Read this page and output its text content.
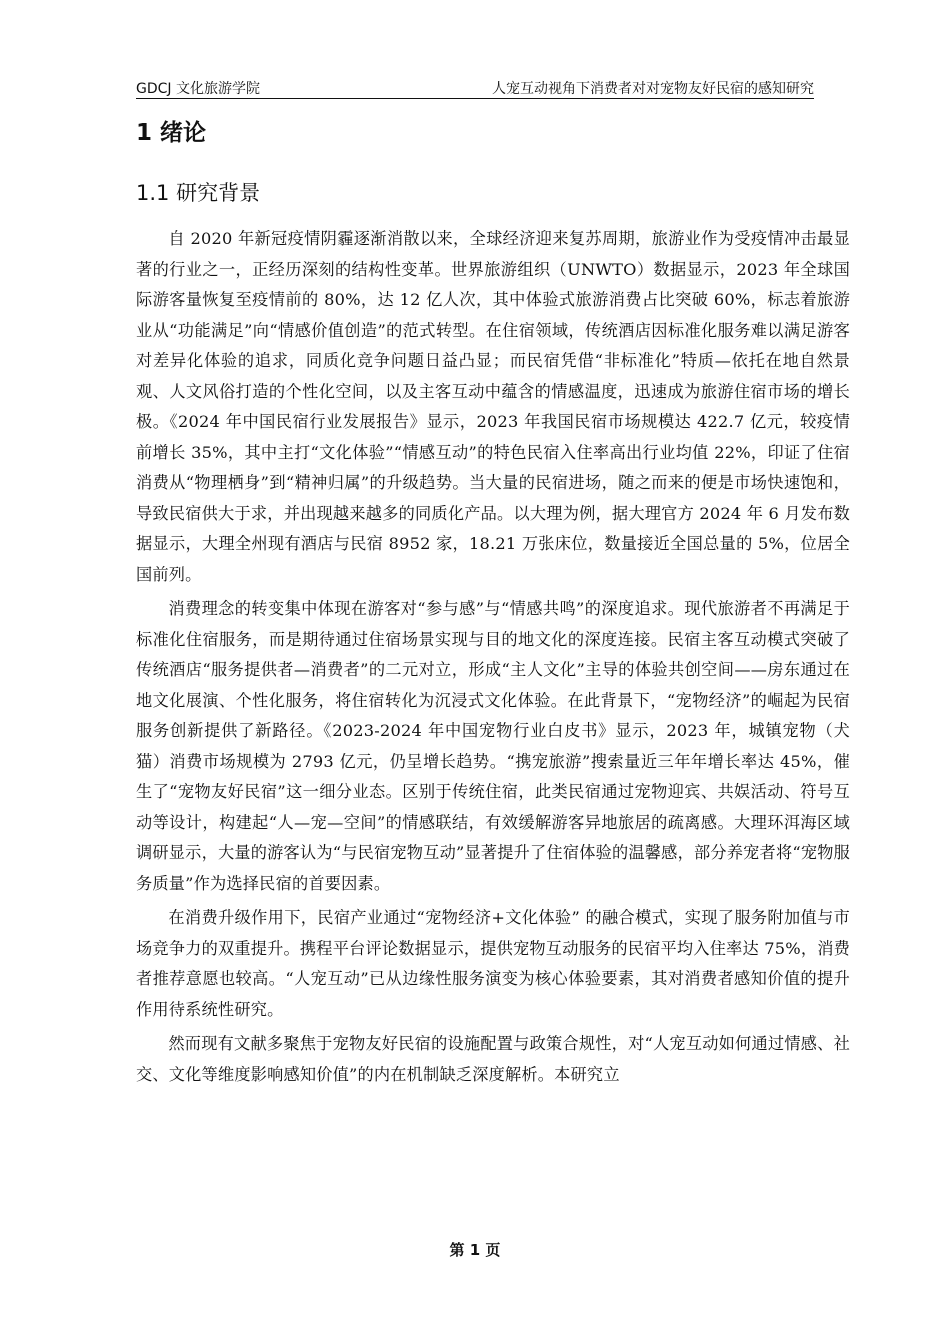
GDCJ 文化旅游学院	人宠互动视角下消费者对对宠物友好民宿的感知研究
1 绪论
1.1 研究背景

自 2020 年新冠疫情阴霾逐渐消散以来，全球经济迎来复苏周期，旅游业作为受疫情冲击最显著的行业之一，正经历深刻的结构性变革。世界旅游组织（UNWTO）数据显示，2023 年全球国际游客量恢复至疫情前的 80%，达 12 亿人次，其中体验式旅游消费占比突破 60%，标志着旅游业从“功能满足”向“情感价值创造”的范式转型。在住宿领域，传统酒店因标准化服务难以满足游客对差异化体验的追求，同质化竞争问题日益凸显；而民宿凭借“非标准化”特质—依托在地自然景观、人文风俗打造的个性化空间，以及主客互动中蕴含的情感温度，迅速成为旅游住宿市场的增长极。《2024 年中国民宿行业发展报告》显示，2023 年我国民宿市场规模达 422.7 亿元，较疫情前增长 35%，其中主打“文化体验”“情感互动”的特色民宿入住率高出行业均值 22%，印证了住宿消费从“物理栖身”到“精神归属”的升级趋势。当大量的民宿进场，随之而来的便是市场快速饱和，导致民宿供大于求，并出现越来越多的同质化产品。以大理为例，据大理官方 2024 年 6 月发布数据显示，大理全州现有酒店与民宿 8952 家，18.21 万张床位，数量接近全国总量的 5%，位居全国前列。

消费理念的转变集中体现在游客对“参与感”与“情感共鸣”的深度追求。现代旅游者不再满足于标准化住宿服务，而是期待通过住宿场景实现与目的地文化的深度连接。民宿主客互动模式突破了传统酒店“服务提供者—消费者”的二元对立，形成“主人文化”主导的体验共创空间——房东通过在地文化展演、个性化服务，将住宿转化为沉浸式文化体验。在此背景下，“宠物经济”的崛起为民宿服务创新提供了新路径。《2023-2024 年中国宠物行业白皮书》显示，2023 年，城镇宠物（犬猫）消费市场规模为 2793 亿元，仍呈增长趋势。“携宠旅游”搜索量近三年年增长率达 45%，催生了“宠物友好民宿”这一细分业态。区别于传统住宿，此类民宿通过宠物迎宾、共娱活动、符号互动等设计，构建起“人—宠—空间”的情感联结，有效缓解游客异地旅居的疏离感。大理环洱海区域调研显示，大量的游客认为“与民宿宠物互动”显著提升了住宿体验的温馨感，部分养宠者将“宠物服务质量”作为选择民宿的首要因素。

在消费升级作用下，民宿产业通过“宠物经济+文化体验” 的融合模式，实现了服务附加值与市场竞争力的双重提升。携程平台评论数据显示，提供宠物互动服务的民宿平均入住率达 75%，消费者推荐意愿也较高。“人宠互动”已从边缘性服务演变为核心体验要素，其对消费者感知价值的提升作用待系统性研究。

然而现有文献多聚焦于宠物友好民宿的设施配置与政策合规性，对“人宠互动如何通过情感、社交、文化等维度影响感知价值”的内在机制缺乏深度解析。本研究立

第 1 页
